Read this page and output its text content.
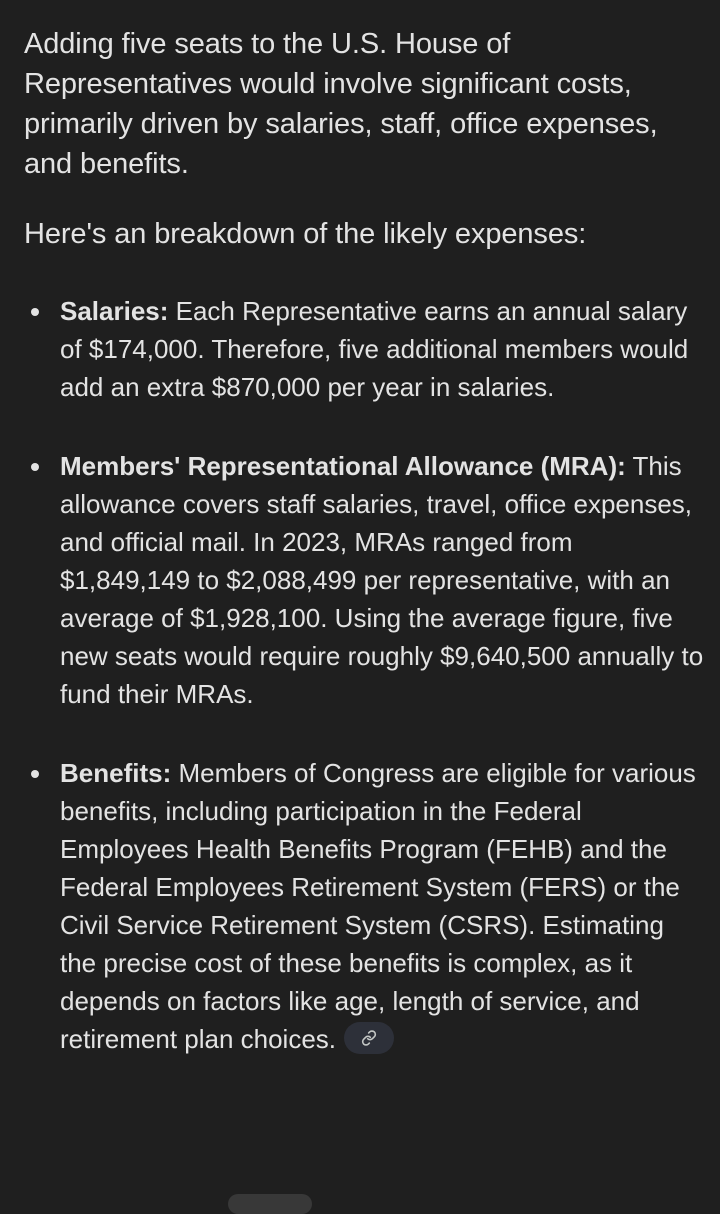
Adding five seats to the U.S. House of Representatives would involve significant costs, primarily driven by salaries, staff, office expenses, and benefits.

Here's an breakdown of the likely expenses:

Salaries: Each Representative earns an annual salary of $174,000. Therefore, five additional members would add an extra $870,000 per year in salaries.
Members' Representational Allowance (MRA): This allowance covers staff salaries, travel, office expenses, and official mail. In 2023, MRAs ranged from $1,849,149 to $2,088,499 per representative, with an average of $1,928,100. Using the average figure, five new seats would require roughly $9,640,500 annually to fund their MRAs.
Benefits: Members of Congress are eligible for various benefits, including participation in the Federal Employees Health Benefits Program (FEHB) and the Federal Employees Retirement System (FERS) or the Civil Service Retirement System (CSRS). Estimating the precise cost of these benefits is complex, as it depends on factors like age, length of service, and retirement plan choices.
